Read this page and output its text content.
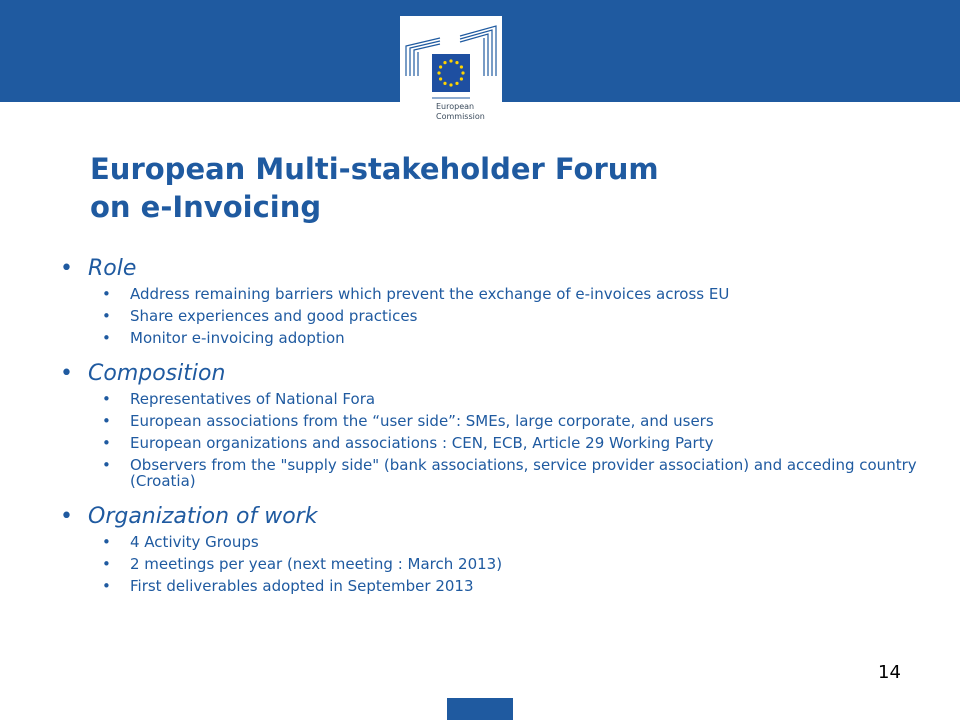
European
Commission
European Multi-stakeholder Forum
on e-Invoicing
• Role
• Address remaining barriers which prevent the exchange of e-invoices across EU
• Share experiences and good practices
• Monitor e-invoicing adoption
• Composition
• Representatives of National Fora
• European associations from the “user side”: SMEs, large corporate, and users
• European organizations and associations : CEN, ECB, Article 29 Working Party
• Observers from the "supply side" (bank associations, service provider association) and acceding country (Croatia)
• Organization of work
• 4 Activity Groups
• 2 meetings per year (next meeting : March 2013)
• First deliverables adopted in September 2013
14
